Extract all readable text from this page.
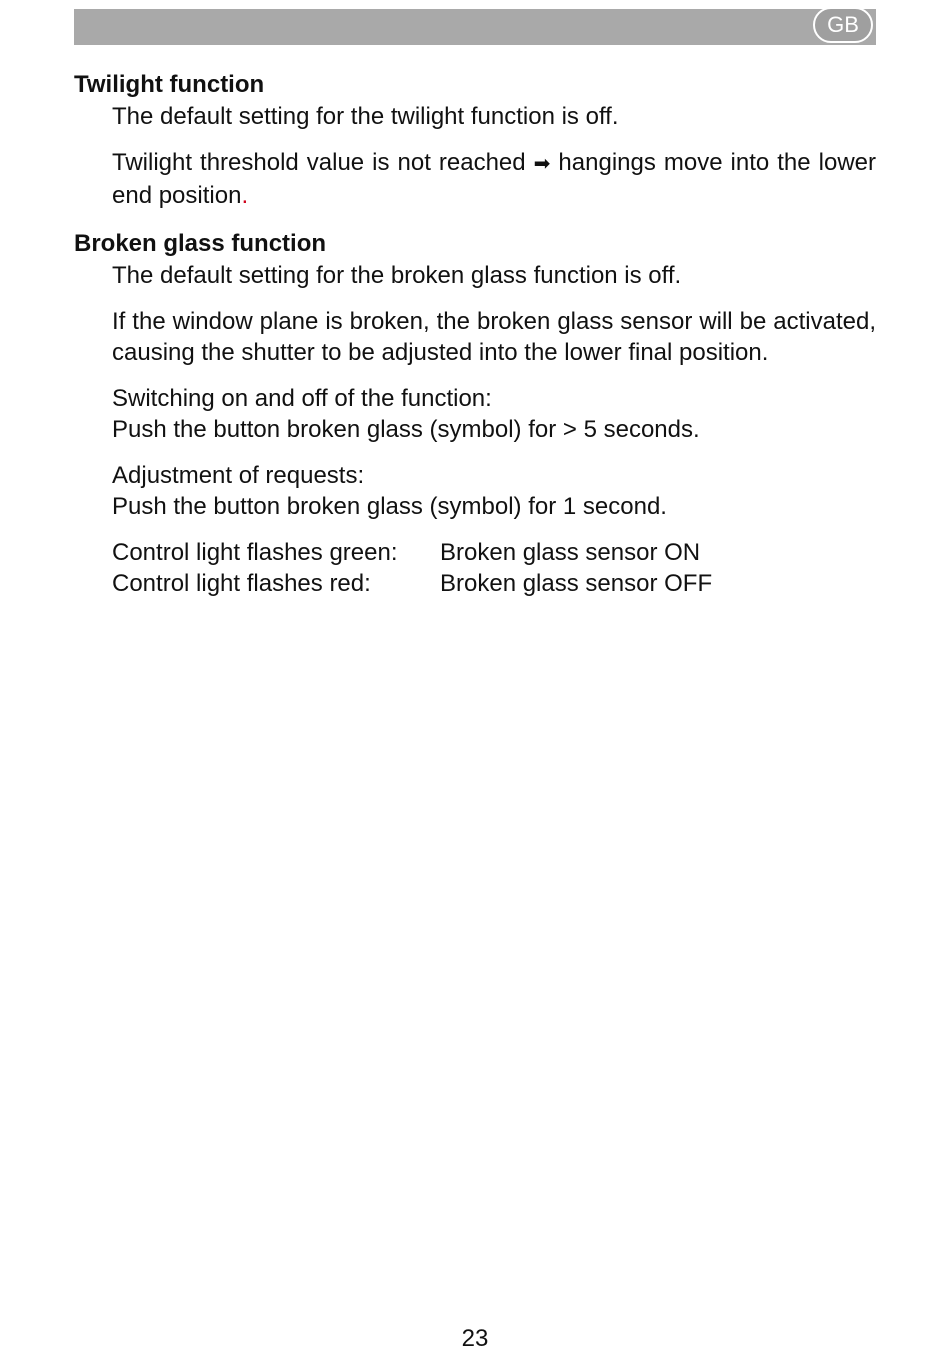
GB
Twilight function

The default setting for the twilight function is off.

Twilight threshold value is not reached ➡ hangings move into the lower end position.

Broken glass function

The default setting for the broken glass function is off.

If the window plane is broken, the broken glass sensor will be activated, causing the shutter to be adjusted into the lower final position.

Switching on and off of the function:

Push the button broken glass (symbol) for > 5 seconds.

Adjustment of requests:

Push the button broken glass (symbol) for 1 second.

Control light flashes green:	Broken glass sensor ON
Control light flashes red:	Broken glass sensor OFF
23
